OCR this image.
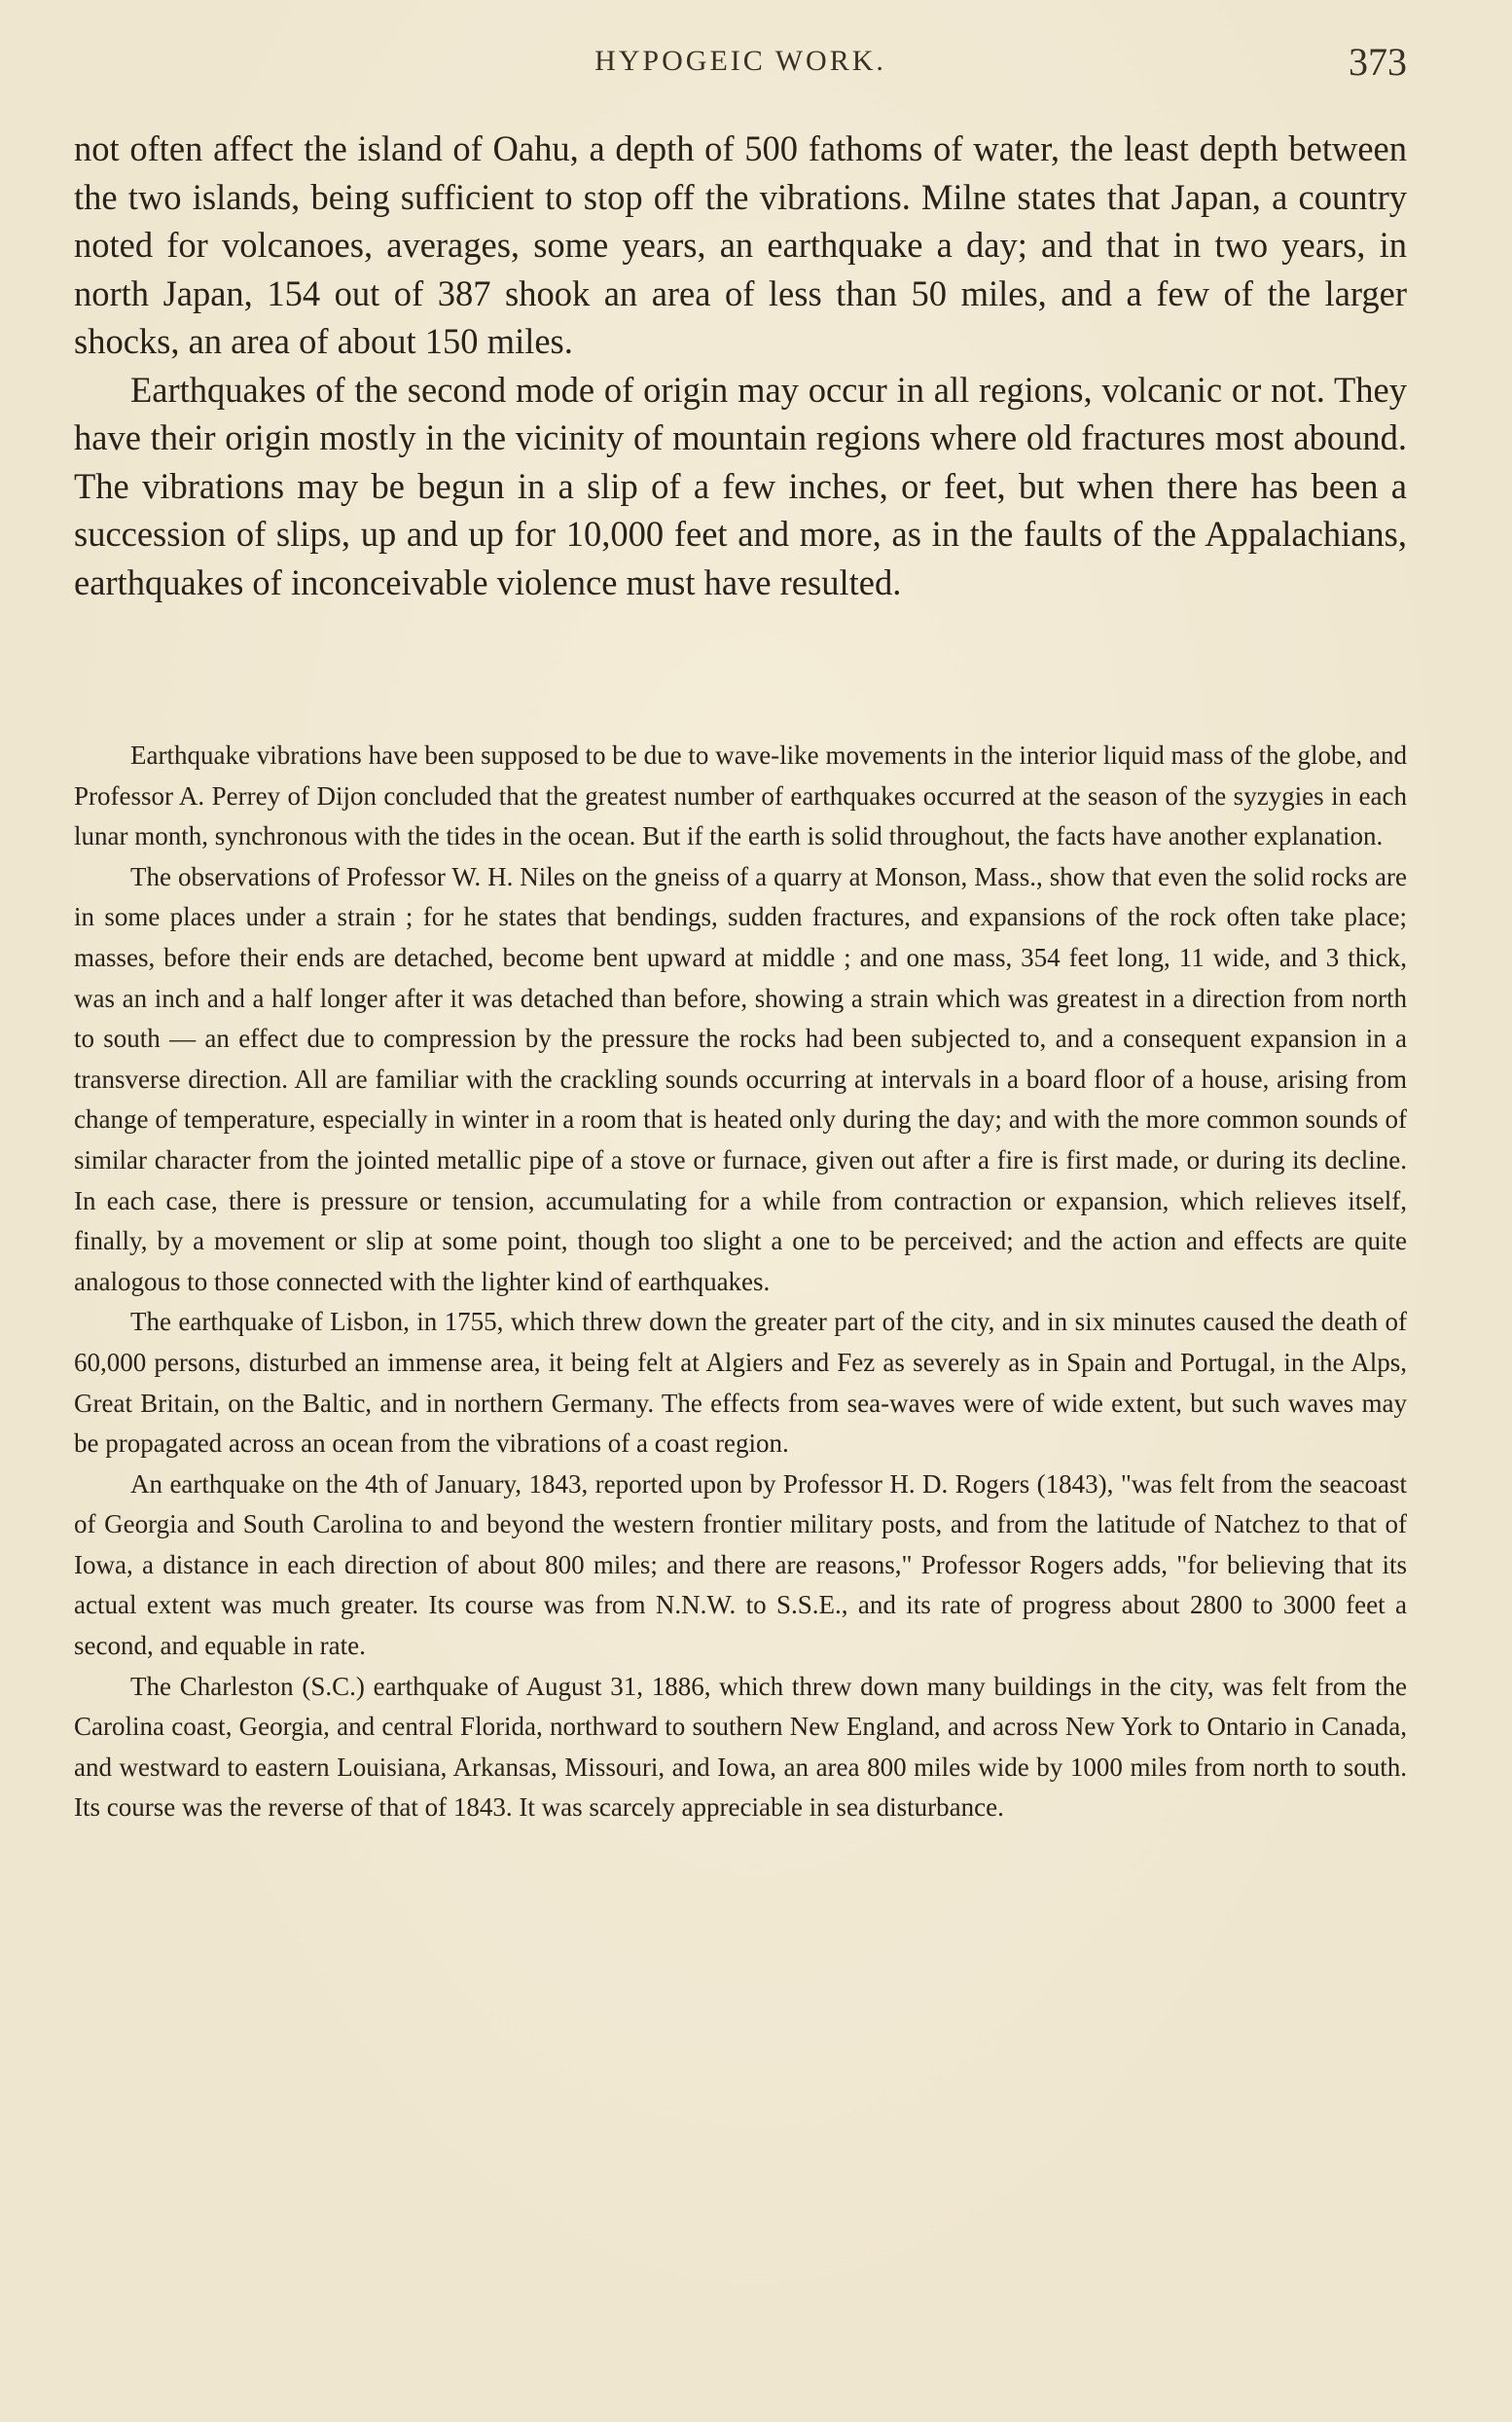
HYPOGEIC WORK.	373

not often affect the island of Oahu, a depth of 500 fathoms of water, the least depth between the two islands, being sufficient to stop off the vibrations. Milne states that Japan, a country noted for volcanoes, averages, some years, an earthquake a day; and that in two years, in north Japan, 154 out of 387 shook an area of less than 50 miles, and a few of the larger shocks, an area of about 150 miles.

Earthquakes of the second mode of origin may occur in all regions, volcanic or not. They have their origin mostly in the vicinity of mountain regions where old fractures most abound. The vibrations may be begun in a slip of a few inches, or feet, but when there has been a succession of slips, up and up for 10,000 feet and more, as in the faults of the Appalachians, earthquakes of inconceivable violence must have resulted.

Earthquake vibrations have been supposed to be due to wave-like movements in the interior liquid mass of the globe, and Professor A. Perrey of Dijon concluded that the greatest number of earthquakes occurred at the season of the syzygies in each lunar month, synchronous with the tides in the ocean. But if the earth is solid throughout, the facts have another explanation.

The observations of Professor W. H. Niles on the gneiss of a quarry at Monson, Mass., show that even the solid rocks are in some places under a strain ; for he states that bendings, sudden fractures, and expansions of the rock often take place; masses, before their ends are detached, become bent upward at middle ; and one mass, 354 feet long, 11 wide, and 3 thick, was an inch and a half longer after it was detached than before, showing a strain which was greatest in a direction from north to south — an effect due to compression by the pressure the rocks had been subjected to, and a consequent expansion in a transverse direction. All are familiar with the crackling sounds occurring at intervals in a board floor of a house, arising from change of temperature, especially in winter in a room that is heated only during the day; and with the more common sounds of similar character from the jointed metallic pipe of a stove or furnace, given out after a fire is first made, or during its decline. In each case, there is pressure or tension, accumulating for a while from contraction or expansion, which relieves itself, finally, by a movement or slip at some point, though too slight a one to be perceived; and the action and effects are quite analogous to those connected with the lighter kind of earthquakes.

The earthquake of Lisbon, in 1755, which threw down the greater part of the city, and in six minutes caused the death of 60,000 persons, disturbed an immense area, it being felt at Algiers and Fez as severely as in Spain and Portugal, in the Alps, Great Britain, on the Baltic, and in northern Germany. The effects from sea-waves were of wide extent, but such waves may be propagated across an ocean from the vibrations of a coast region.

An earthquake on the 4th of January, 1843, reported upon by Professor H. D. Rogers (1843), "was felt from the seacoast of Georgia and South Carolina to and beyond the western frontier military posts, and from the latitude of Natchez to that of Iowa, a distance in each direction of about 800 miles; and there are reasons," Professor Rogers adds, "for believing that its actual extent was much greater. Its course was from N.N.W. to S.S.E., and its rate of progress about 2800 to 3000 feet a second, and equable in rate.

The Charleston (S.C.) earthquake of August 31, 1886, which threw down many buildings in the city, was felt from the Carolina coast, Georgia, and central Florida, northward to southern New England, and across New York to Ontario in Canada, and westward to eastern Louisiana, Arkansas, Missouri, and Iowa, an area 800 miles wide by 1000 miles from north to south. Its course was the reverse of that of 1843. It was scarcely appreciable in sea disturbance.
